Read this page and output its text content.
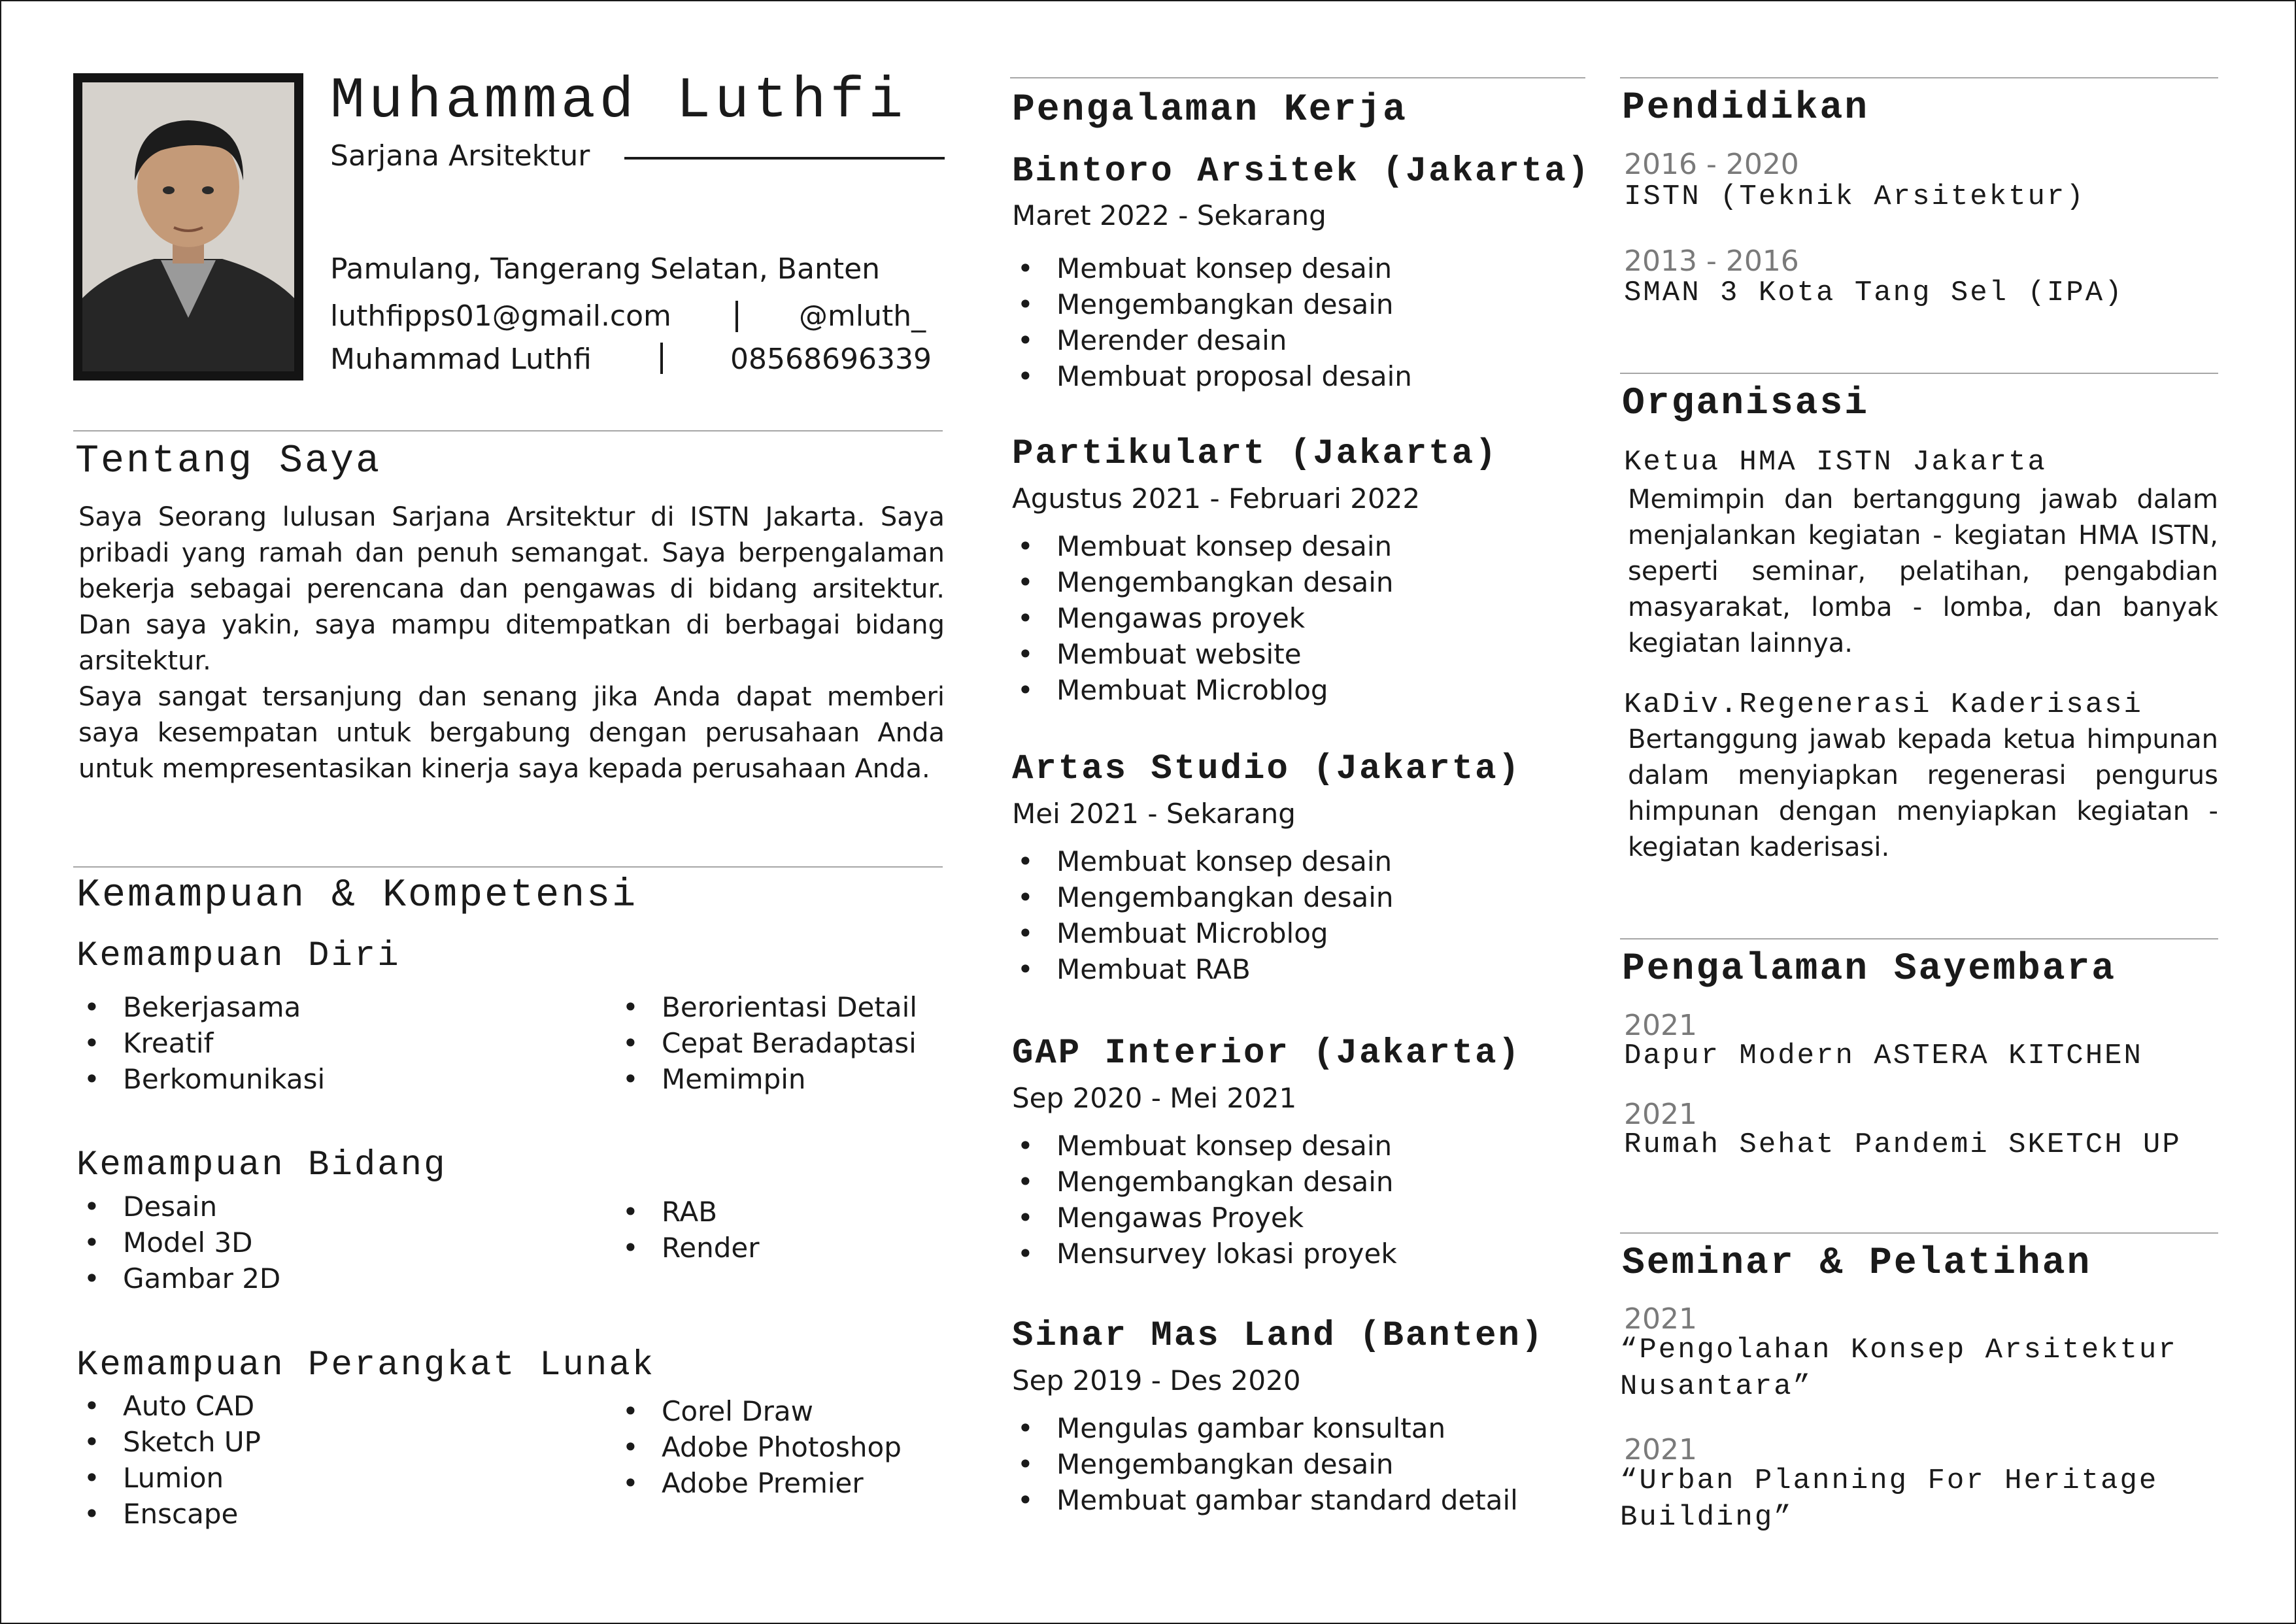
Muhammad Luthfi
Sarjana Arsitektur
Pamulang, Tangerang Selatan, Banten
luthfipps01@gmail.com	@mluth_
Muhammad Luthfi	08568696339
Tentang Saya
Saya Seorang lulusan Sarjana Arsitektur di ISTN Jakarta. Saya pribadi yang ramah dan penuh semangat. Saya berpengalaman bekerja sebagai perencana dan pengawas di bidang arsitektur. Dan saya yakin, saya mampu ditempatkan di berbagai bidang arsitektur.
Saya sangat tersanjung dan senang jika Anda dapat memberi saya kesempatan untuk bergabung dengan perusahaan Anda untuk mempresentasikan kinerja saya kepada perusahaan Anda.
Kemampuan & Kompetensi
Kemampuan Diri
• Bekerjasama
• Kreatif
• Berkomunikasi
• Berorientasi Detail
• Cepat Beradaptasi
• Memimpin
Kemampuan Bidang
• Desain
• Model 3D
• Gambar 2D
• RAB
• Render
Kemampuan Perangkat Lunak
• Auto CAD
• Sketch UP
• Lumion
• Enscape
• Corel Draw
• Adobe Photoshop
• Adobe Premier
Pengalaman Kerja
Bintoro Arsitek (Jakarta)
Maret 2022 - Sekarang
• Membuat konsep desain
• Mengembangkan desain
• Merender desain
• Membuat proposal desain
Partikulart (Jakarta)
Agustus 2021 - Februari 2022
• Membuat konsep desain
• Mengembangkan desain
• Mengawas proyek
• Membuat website
• Membuat Microblog
Artas Studio (Jakarta)
Mei 2021 - Sekarang
• Membuat konsep desain
• Mengembangkan desain
• Membuat Microblog
• Membuat RAB
GAP Interior (Jakarta)
Sep 2020 - Mei 2021
• Membuat konsep desain
• Mengembangkan desain
• Mengawas Proyek
• Mensurvey lokasi proyek
Sinar Mas Land (Banten)
Sep 2019 - Des 2020
• Mengulas gambar konsultan
• Mengembangkan desain
• Membuat gambar standard detail
Pendidikan
2016 - 2020
ISTN (Teknik Arsitektur)
2013 - 2016
SMAN 3 Kota Tang Sel (IPA)
Organisasi
Ketua HMA ISTN Jakarta
Memimpin dan bertanggung jawab dalam menjalankan kegiatan - kegiatan HMA ISTN, seperti seminar, pelatihan, pengabdian masyarakat, lomba - lomba, dan banyak kegiatan lainnya.
KaDiv.Regenerasi Kaderisasi
Bertanggung jawab kepada ketua himpunan dalam menyiapkan regenerasi pengurus himpunan dengan menyiapkan kegiatan - kegiatan kaderisasi.
Pengalaman Sayembara
2021
Dapur Modern ASTERA KITCHEN
2021
Rumah Sehat Pandemi SKETCH UP
Seminar & Pelatihan
2021
“Pengolahan Konsep Arsitektur
Nusantara”
2021
“Urban Planning For Heritage
Building”
